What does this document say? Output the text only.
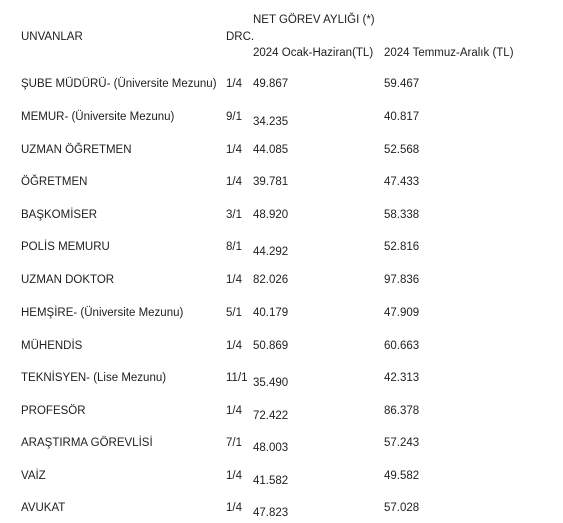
NET GÖREV AYLIĞI (*)
UNVANLAR	DRC.
2024 Ocak-Haziran(TL) 2024 Temmuz-Aralık (TL)
ŞUBE MÜDÜRÜ- (Üniversite Mezunu) 1/4 49.867	59.467
MEMUR- (Üniversite Mezunu)	9/1 34.235	40.817
UZMAN ÖĞRETMEN	1/4 44.085	52.568
ÖĞRETMEN	1/4 39.781	47.433
BAŞKOMİSER	3/1 48.920	58.338
POLİS MEMURU	8/1 44.292	52.816
UZMAN DOKTOR	1/4 82.026	97.836
HEMŞİRE- (Üniversite Mezunu)	5/1 40.179	47.909
MÜHENDİS	1/4 50.869	60.663
TEKNİSYEN- (Lise Mezunu)	11/1 35.490	42.313
PROFESÖR	1/4 72.422	86.378
ARAŞTIRMA GÖREVLİSİ	7/1 48.003	57.243
VAİZ	1/4 41.582	49.582
AVUKAT	1/4 47.823	57.028
